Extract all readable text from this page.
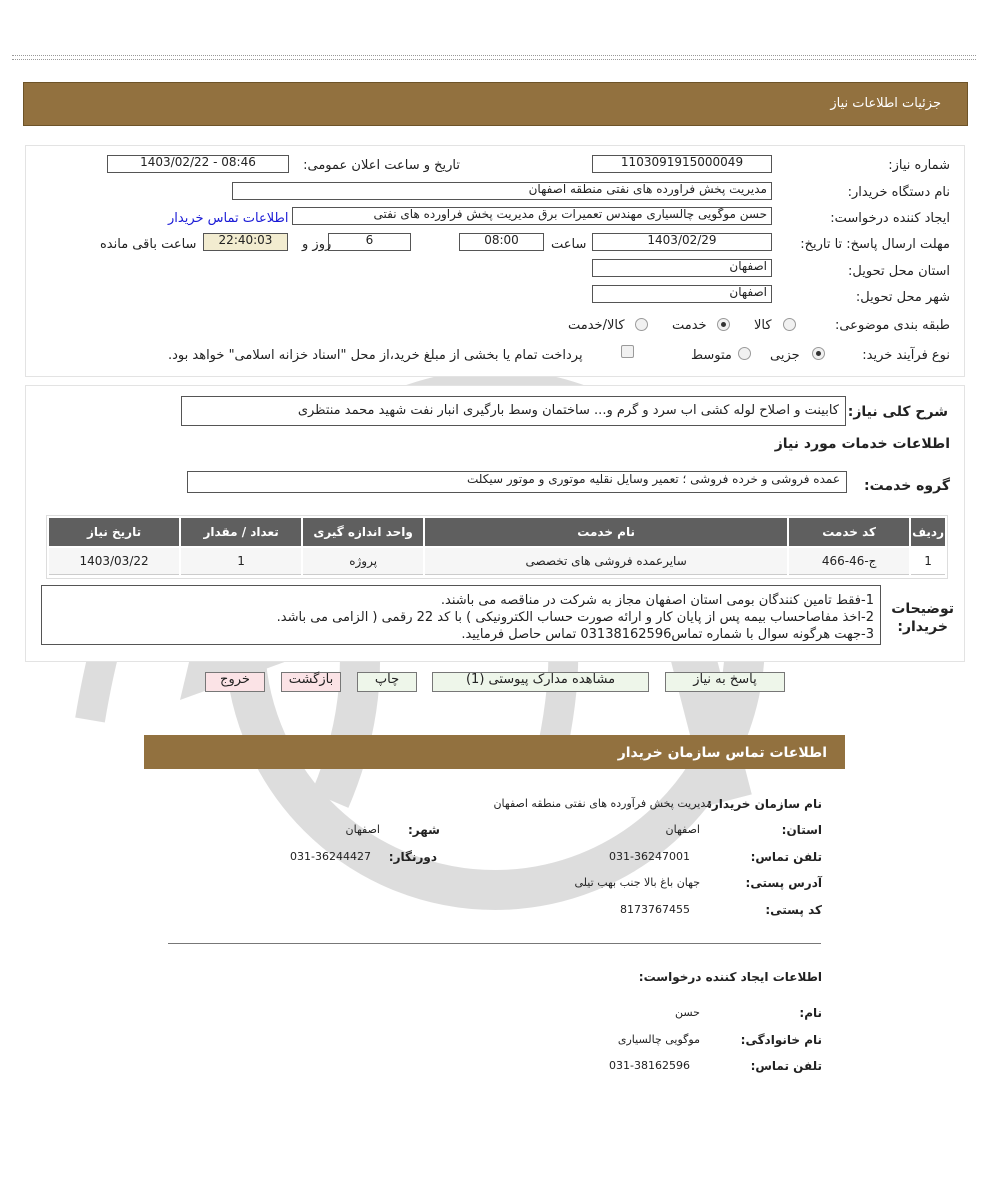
جزئیات اطلاعات نیاز
شماره نیاز:
1103091915000049
تاریخ و ساعت اعلان عمومی:
1403/02/22 - 08:46
نام دستگاه خریدار:
مدیریت پخش فراورده های نفتی منطقه اصفهان
ایجاد کننده درخواست:
حسن موگویی چالسیاری مهندس تعمیرات برق مدیریت پخش فراورده های نفتی
اطلاعات تماس خریدار
مهلت ارسال پاسخ: تا تاریخ:
1403/02/29
ساعت
08:00
6
روز و
22:40:03
ساعت باقی مانده
استان محل تحویل:
اصفهان
شهر محل تحویل:
اصفهان
طبقه بندی موضوعی:
کالا
خدمت
کالا/خدمت
نوع فرآیند خرید:
جزیی
متوسط
پرداخت تمام یا بخشی از مبلغ خرید،از محل "اسناد خزانه اسلامی" خواهد بود.
شرح کلی نیاز:
کابینت و اصلاح لوله کشی اب سرد و گرم و... ساختمان وسط بارگیری انبار نفت شهید محمد منتظری
اطلاعات خدمات مورد نیاز
گروه خدمت:
عمده فروشی و خرده فروشی ؛ تعمیر وسایل نقلیه موتوری و موتور سیکلت
ردیف	کد خدمت	نام خدمت	واحد اندازه گیری	تعداد / مقدار	تاریخ نیاز
1	ج-46-466	سایرعمده فروشی های تخصصی	پروژه	1	1403/03/22
توضیحات
خریدار:
1-فقط تامین کنندگان بومی استان اصفهان مجاز به شرکت در مناقصه می باشند.
2-اخذ مفاصاحساب بیمه پس از پایان کار و ارائه صورت حساب الکترونیکی ) با کد 22 رقمی ( الزامی می باشد.
3-جهت هرگونه سوال با شماره تماس03138162596 تماس حاصل فرمایید.
پاسخ به نیاز
مشاهده مدارک پیوستی (1)
چاپ
بازگشت
خروج
اطلاعات تماس سازمان خریدار
نام سازمان خریدار:
مدیریت پخش فرآورده های نفتی منطقه اصفهان
استان:
اصفهان
شهر:
اصفهان
تلفن تماس:
031-36247001
دورنگار:
031-36244427
آدرس پستی:
جهان باغ بالا جنب بهب تیلی
کد پستی:
8173767455
اطلاعات ایجاد کننده درخواست:
نام:
حسن
نام خانوادگی:
موگویی چالسیاری
تلفن تماس:
031-38162596
